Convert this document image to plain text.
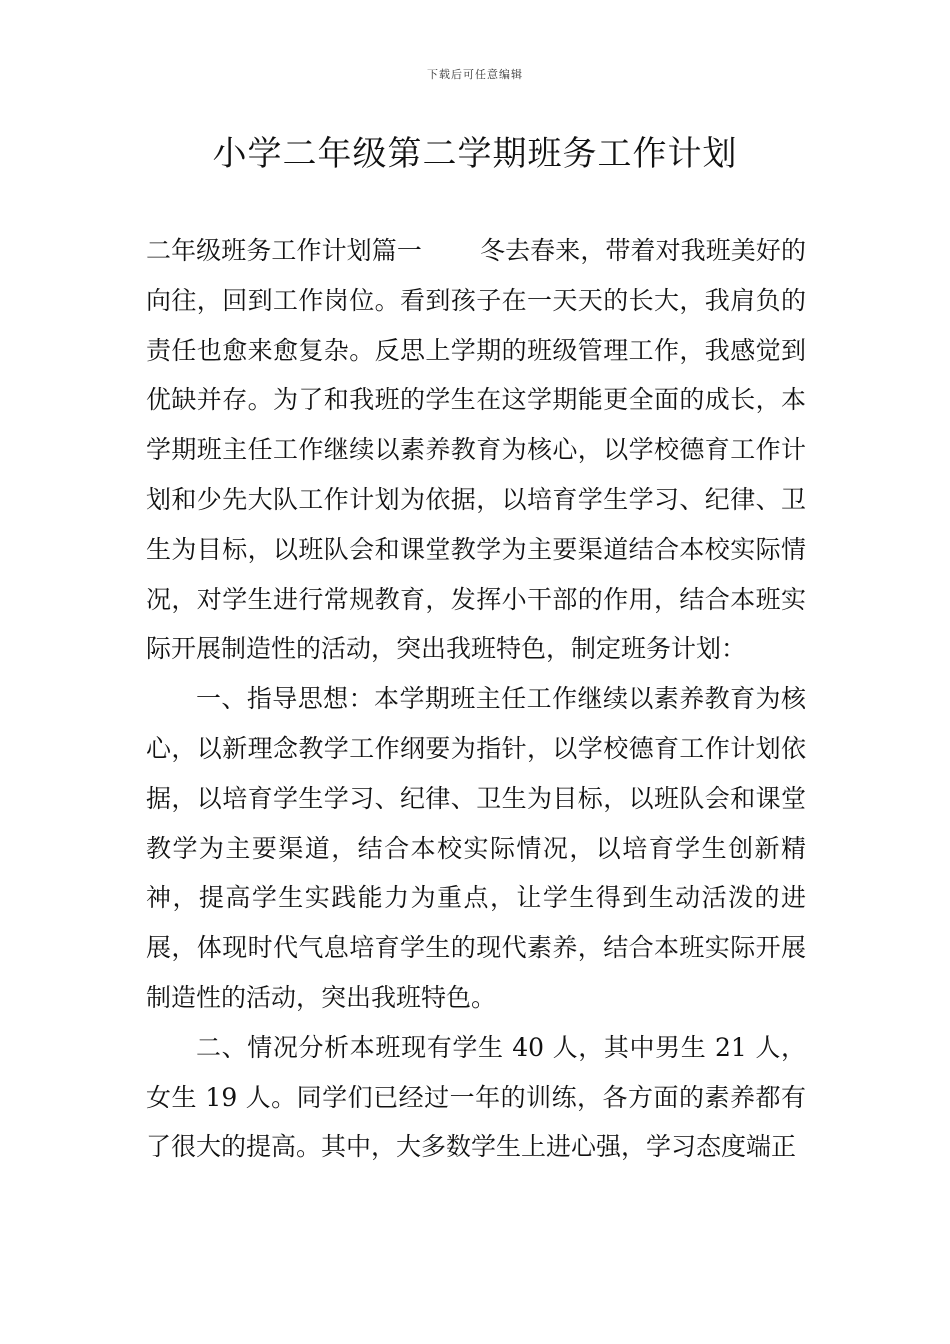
下载后可任意编辑
小学二年级第二学期班务工作计划

二年级班务工作计划篇一 冬去春来，带着对我班美好的向往，回到工作岗位。看到孩子在一天天的长大，我肩负的责任也愈来愈复杂。反思上学期的班级管理工作，我感觉到优缺并存。为了和我班的学生在这学期能更全面的成长，本学期班主任工作继续以素养教育为核心，以学校德育工作计划和少先大队工作计划为依据，以培育学生学习、纪律、卫生为目标，以班队会和课堂教学为主要渠道结合本校实际情况，对学生进行常规教育，发挥小干部的作用，结合本班实际开展制造性的活动，突出我班特色，制定班务计划：

一、指导思想：本学期班主任工作继续以素养教育为核心，以新理念教学工作纲要为指针，以学校德育工作计划依据，以培育学生学习、纪律、卫生为目标，以班队会和课堂教学为主要渠道，结合本校实际情况，以培育学生创新精神，提高学生实践能力为重点，让学生得到生动活泼的进展，体现时代气息培育学生的现代素养，结合本班实际开展制造性的活动，突出我班特色。

二、情况分析本班现有学生 40 人，其中男生 21 人，女生 19 人。同学们已经过一年的训练，各方面的素养都有了很大的提高。其中，大多数学生上进心强，学习态度端正
